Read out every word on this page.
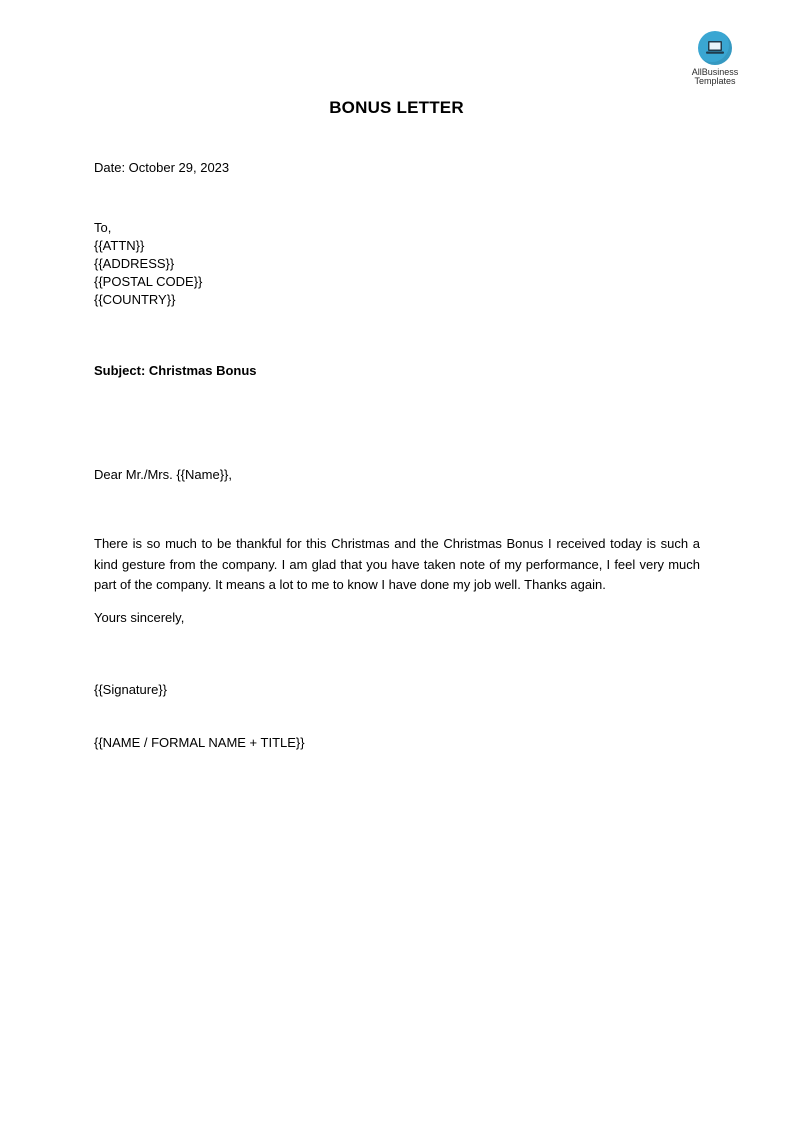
AllBusiness
Templates
BONUS LETTER
Date: October 29, 2023
To,
{{ATTN}}
{{ADDRESS}}
{{POSTAL CODE}}
{{COUNTRY}}
Subject: Christmas Bonus
Dear Mr./Mrs. {{Name}},
There is so much to be thankful for this Christmas and the Christmas Bonus I received today is such a kind gesture from the company. I am glad that you have taken note of my performance, I feel very much part of the company. It means a lot to me to know I have done my job well. Thanks again.
Yours sincerely,
{{Signature}}
{{NAME / FORMAL NAME + TITLE}}
